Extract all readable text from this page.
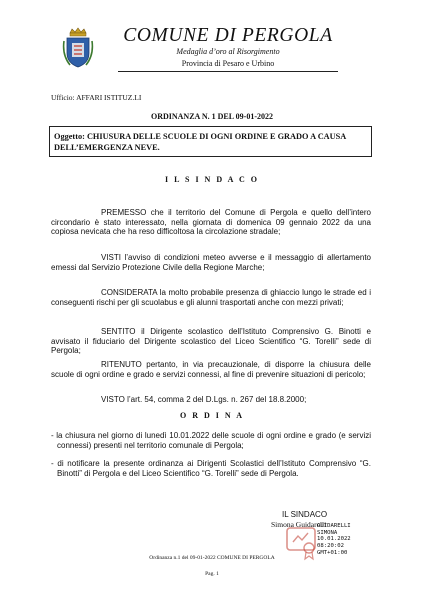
COMUNE DI PERGOLA
Medaglia d’oro al Risorgimento
Provincia di Pesaro e Urbino
Ufficio: AFFARI ISTITUZ.LI
ORDINANZA N. 1 DEL 09-01-2022
Oggetto: CHIUSURA DELLE SCUOLE DI OGNI ORDINE E GRADO A CAUSA DELL’EMERGENZA NEVE.
I L S I N D A C O
PREMESSO che il territorio del Comune di Pergola e quello dell’intero circondario è stato interessato, nella giornata di domenica 09 gennaio 2022 da una copiosa nevicata che ha reso difficoltosa la circolazione stradale;
VISTI l’avviso di condizioni meteo avverse e il messaggio di allertamento emessi dal Servizio Protezione Civile della Regione Marche;
CONSIDERATA la molto probabile presenza di ghiaccio lungo le strade ed i conseguenti rischi per gli scuolabus e gli alunni trasportati anche con mezzi privati;
SENTITO il Dirigente scolastico dell’Istituto Comprensivo G. Binotti e avvisato il fiduciario del Dirigente scolastico del Liceo Scientifico “G. Torelli” sede di Pergola;
RITENUTO pertanto, in via precauzionale, di disporre la chiusura delle scuole di ogni ordine e grado e servizi connessi, al fine di prevenire situazioni di pericolo;
VISTO l’art. 54, comma 2 del D.Lgs. n. 267 del 18.8.2000;
O R D I N A
- la chiusura nel giorno di lunedì 10.01.2022 delle scuole di ogni ordine e grado (e servizi connessi) presenti nel territorio comunale di Pergola;
- di notificare la presente ordinanza ai Dirigenti Scolastici dell’Istituto Comprensivo “G. Binotti” di Pergola e del Liceo Scientifico “G. Torelli” sede di Pergola.
IL SINDACO
Simona Guidarelli
GUIDARELLI
SIMONA
10.01.2022
08:20:02
GMT+01:00
Ordinanza n.1 del 09-01-2022 COMUNE DI PERGOLA
Pag. 1
